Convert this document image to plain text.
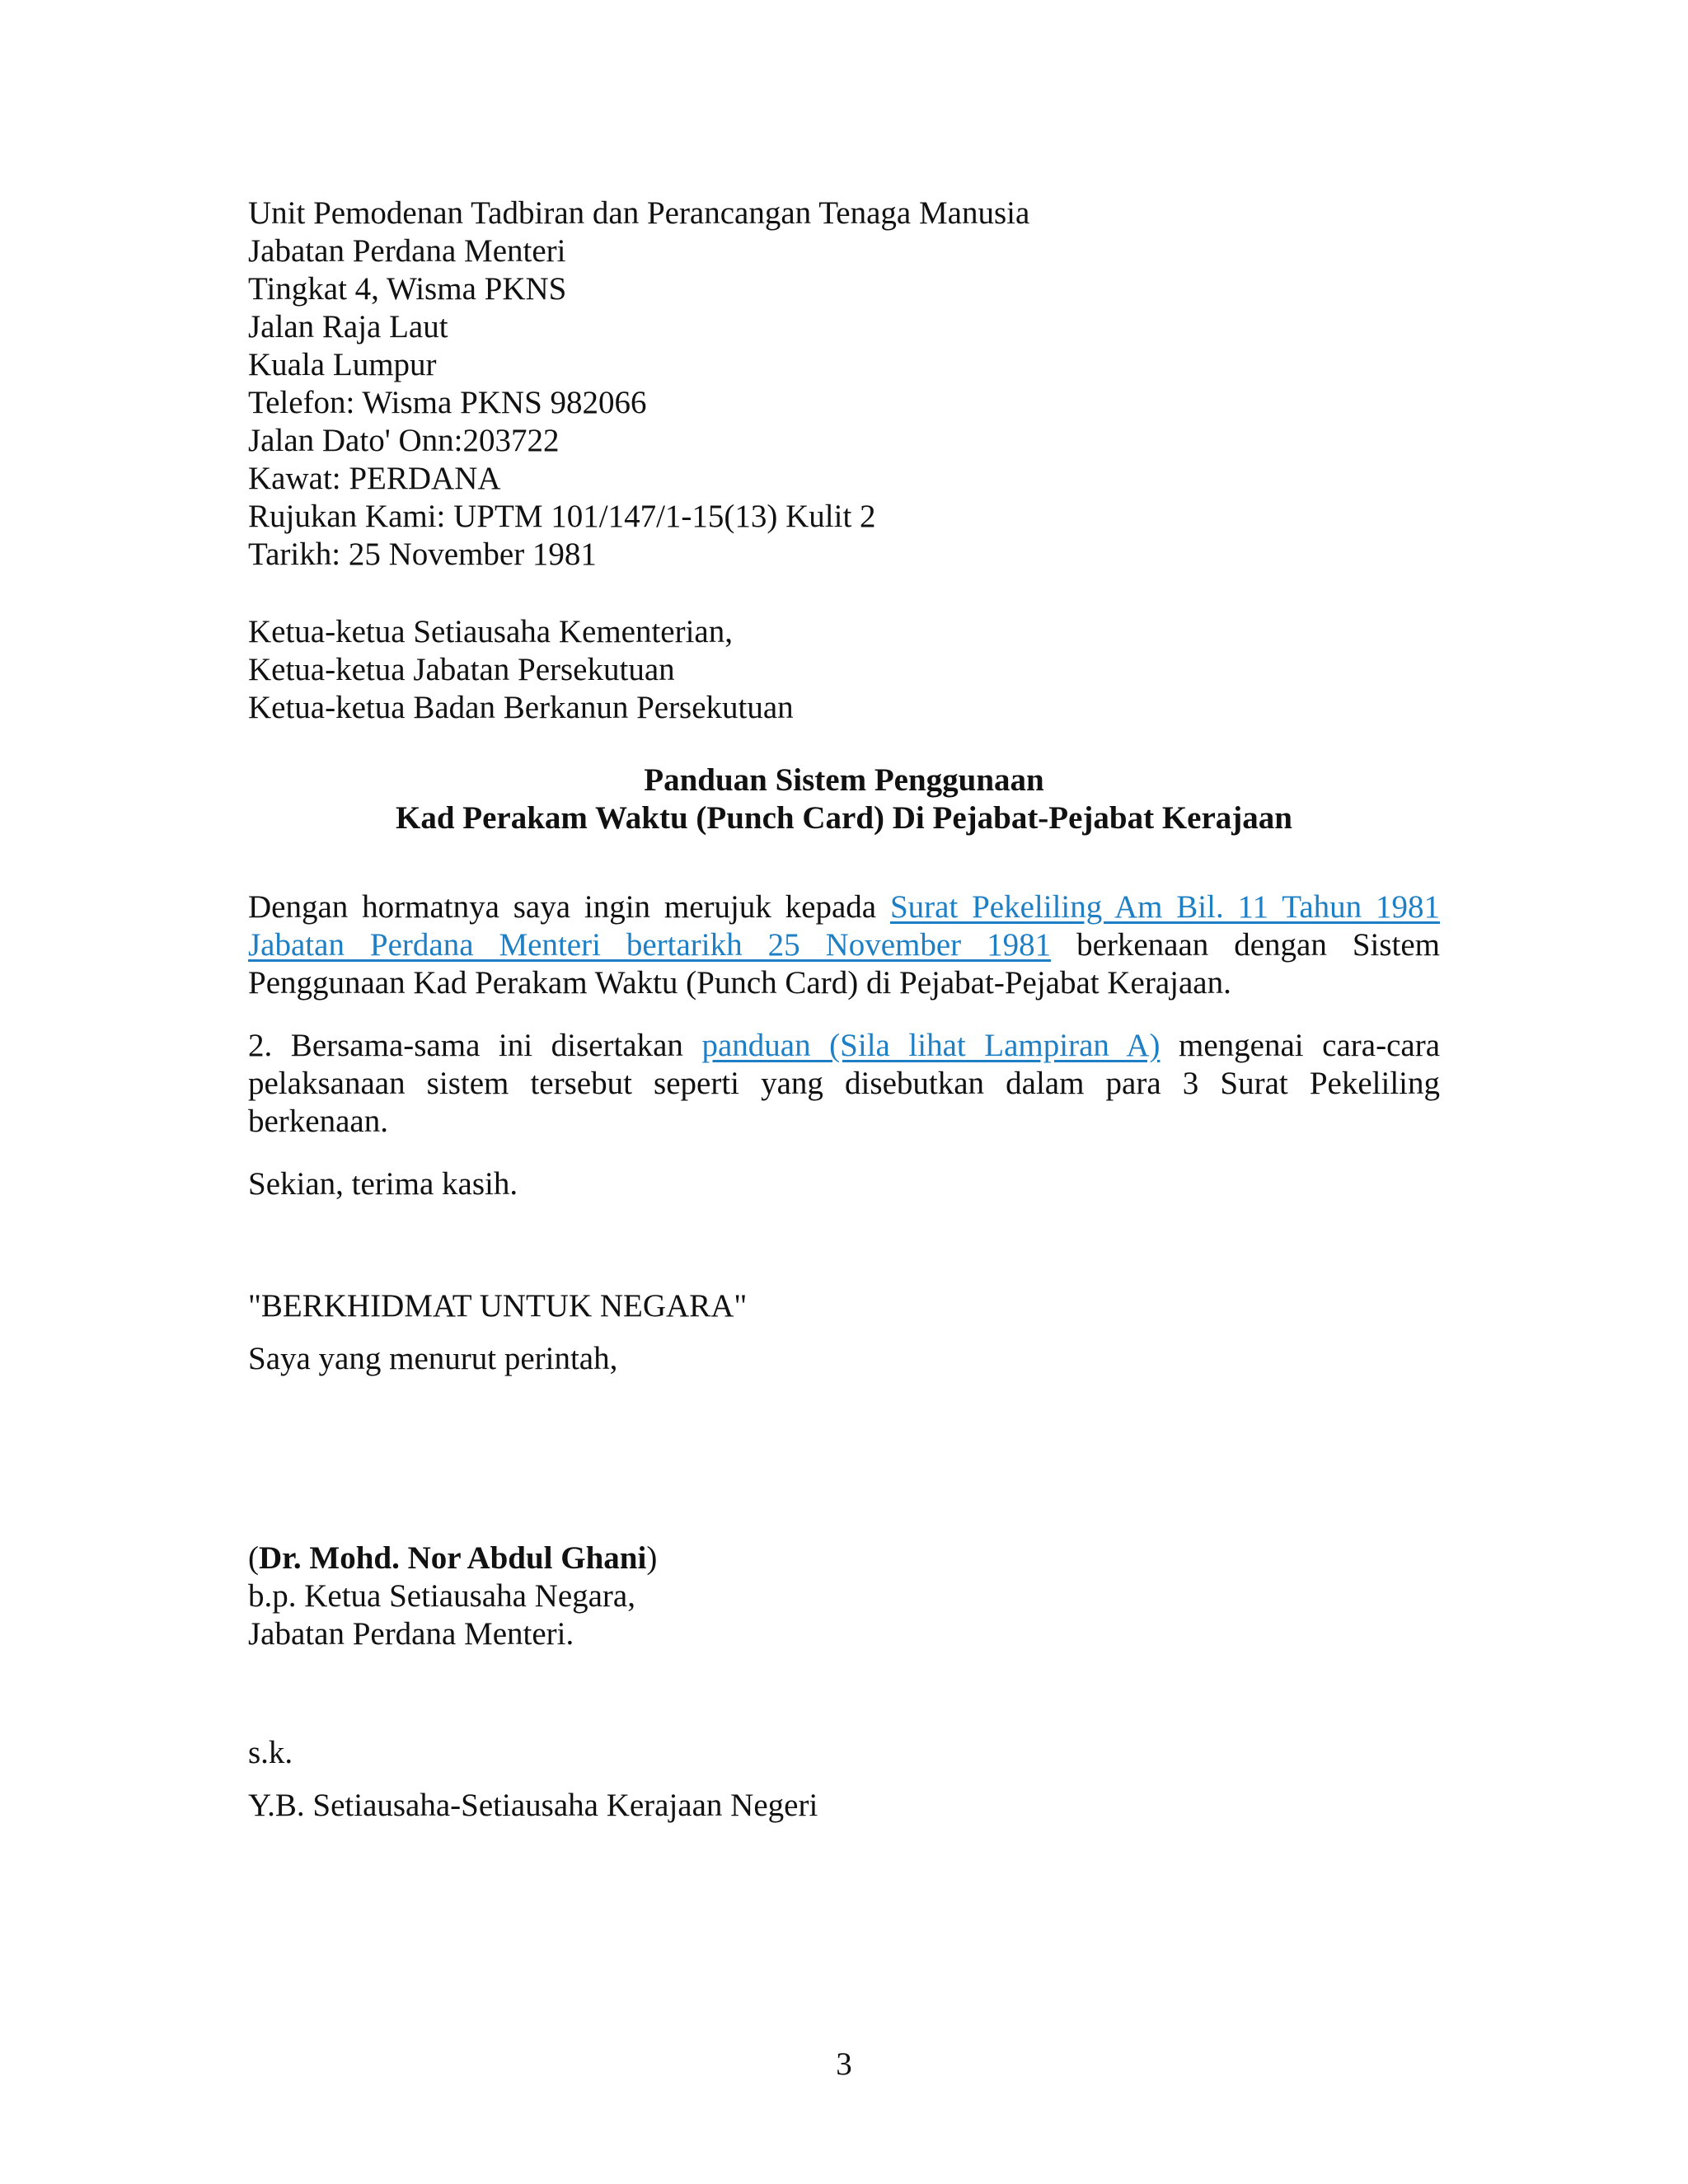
Unit Pemodenan Tadbiran dan Perancangan Tenaga Manusia
Jabatan Perdana Menteri
Tingkat 4, Wisma PKNS
Jalan Raja Laut
Kuala Lumpur
Telefon: Wisma PKNS 982066
Jalan Dato' Onn:203722
Kawat: PERDANA
Rujukan Kami: UPTM 101/147/1-15(13) Kulit 2
Tarikh: 25 November 1981
Ketua-ketua Setiausaha Kementerian,
Ketua-ketua Jabatan Persekutuan
Ketua-ketua Badan Berkanun Persekutuan
Panduan Sistem Penggunaan
Kad Perakam Waktu (Punch Card) Di Pejabat-Pejabat Kerajaan

Dengan hormatnya saya ingin merujuk kepada Surat Pekeliling Am Bil. 11 Tahun 1981 Jabatan Perdana Menteri bertarikh 25 November 1981 berkenaan dengan Sistem Penggunaan Kad Perakam Waktu (Punch Card) di Pejabat-Pejabat Kerajaan.

2. Bersama-sama ini disertakan panduan (Sila lihat Lampiran A) mengenai cara-cara pelaksanaan sistem tersebut seperti yang disebutkan dalam para 3 Surat Pekeliling berkenaan.

Sekian, terima kasih.

"BERKHIDMAT UNTUK NEGARA"
Saya yang menurut perintah,
(Dr. Mohd. Nor Abdul Ghani)
b.p. Ketua Setiausaha Negara,
Jabatan Perdana Menteri.
s.k.
Y.B. Setiausaha-Setiausaha Kerajaan Negeri
3
